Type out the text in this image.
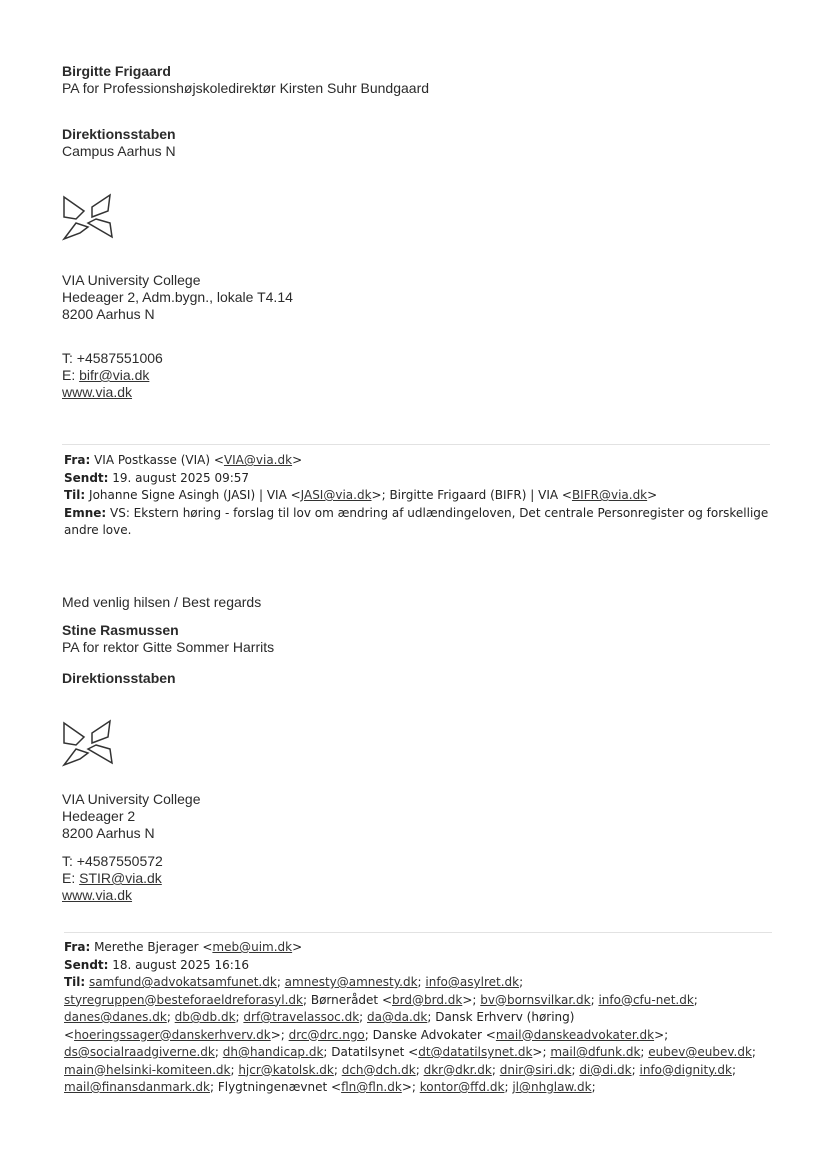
Birgitte Frigaard
PA for Professionshøjskoledirektør Kirsten Suhr Bundgaard
Direktionsstaben
Campus Aarhus N
VIA University College
Hedeager 2, Adm.bygn., lokale T4.14
8200 Aarhus N
T: +4587551006
E: bifr@via.dk
www.via.dk
Fra: VIA Postkasse (VIA) <VIA@via.dk>
Sendt: 19. august 2025 09:57
Til: Johanne Signe Asingh (JASI) | VIA <JASI@via.dk>; Birgitte Frigaard (BIFR) | VIA <BIFR@via.dk>
Emne: VS: Ekstern høring - forslag til lov om ændring af udlændingeloven, Det centrale Personregister og forskellige
andre love.
Med venlig hilsen / Best regards
Stine Rasmussen
PA for rektor Gitte Sommer Harrits
Direktionsstaben
VIA University College
Hedeager 2
8200 Aarhus N
T: +4587550572
E: STIR@via.dk
www.via.dk
Fra: Merethe Bjerager <meb@uim.dk>
Sendt: 18. august 2025 16:16
Til: samfund@advokatsamfunet.dk; amnesty@amnesty.dk; info@asylret.dk;
styregruppen@besteforaeldreforasyl.dk; Børnerådet <brd@brd.dk>; bv@bornsvilkar.dk; info@cfu-net.dk;
danes@danes.dk; db@db.dk; drf@travelassoc.dk; da@da.dk; Dansk Erhverv (høring)
<hoeringssager@danskerhverv.dk>; drc@drc.ngo; Danske Advokater <mail@danskeadvokater.dk>;
ds@socialraadgiverne.dk; dh@handicap.dk; Datatilsynet <dt@datatilsynet.dk>; mail@dfunk.dk; eubev@eubev.dk;
main@helsinki-komiteen.dk; hjcr@katolsk.dk; dch@dch.dk; dkr@dkr.dk; dnir@siri.dk; di@di.dk; info@dignity.dk;
mail@finansdanmark.dk; Flygtningenævnet <fln@fln.dk>; kontor@ffd.dk; jl@nhglaw.dk;
